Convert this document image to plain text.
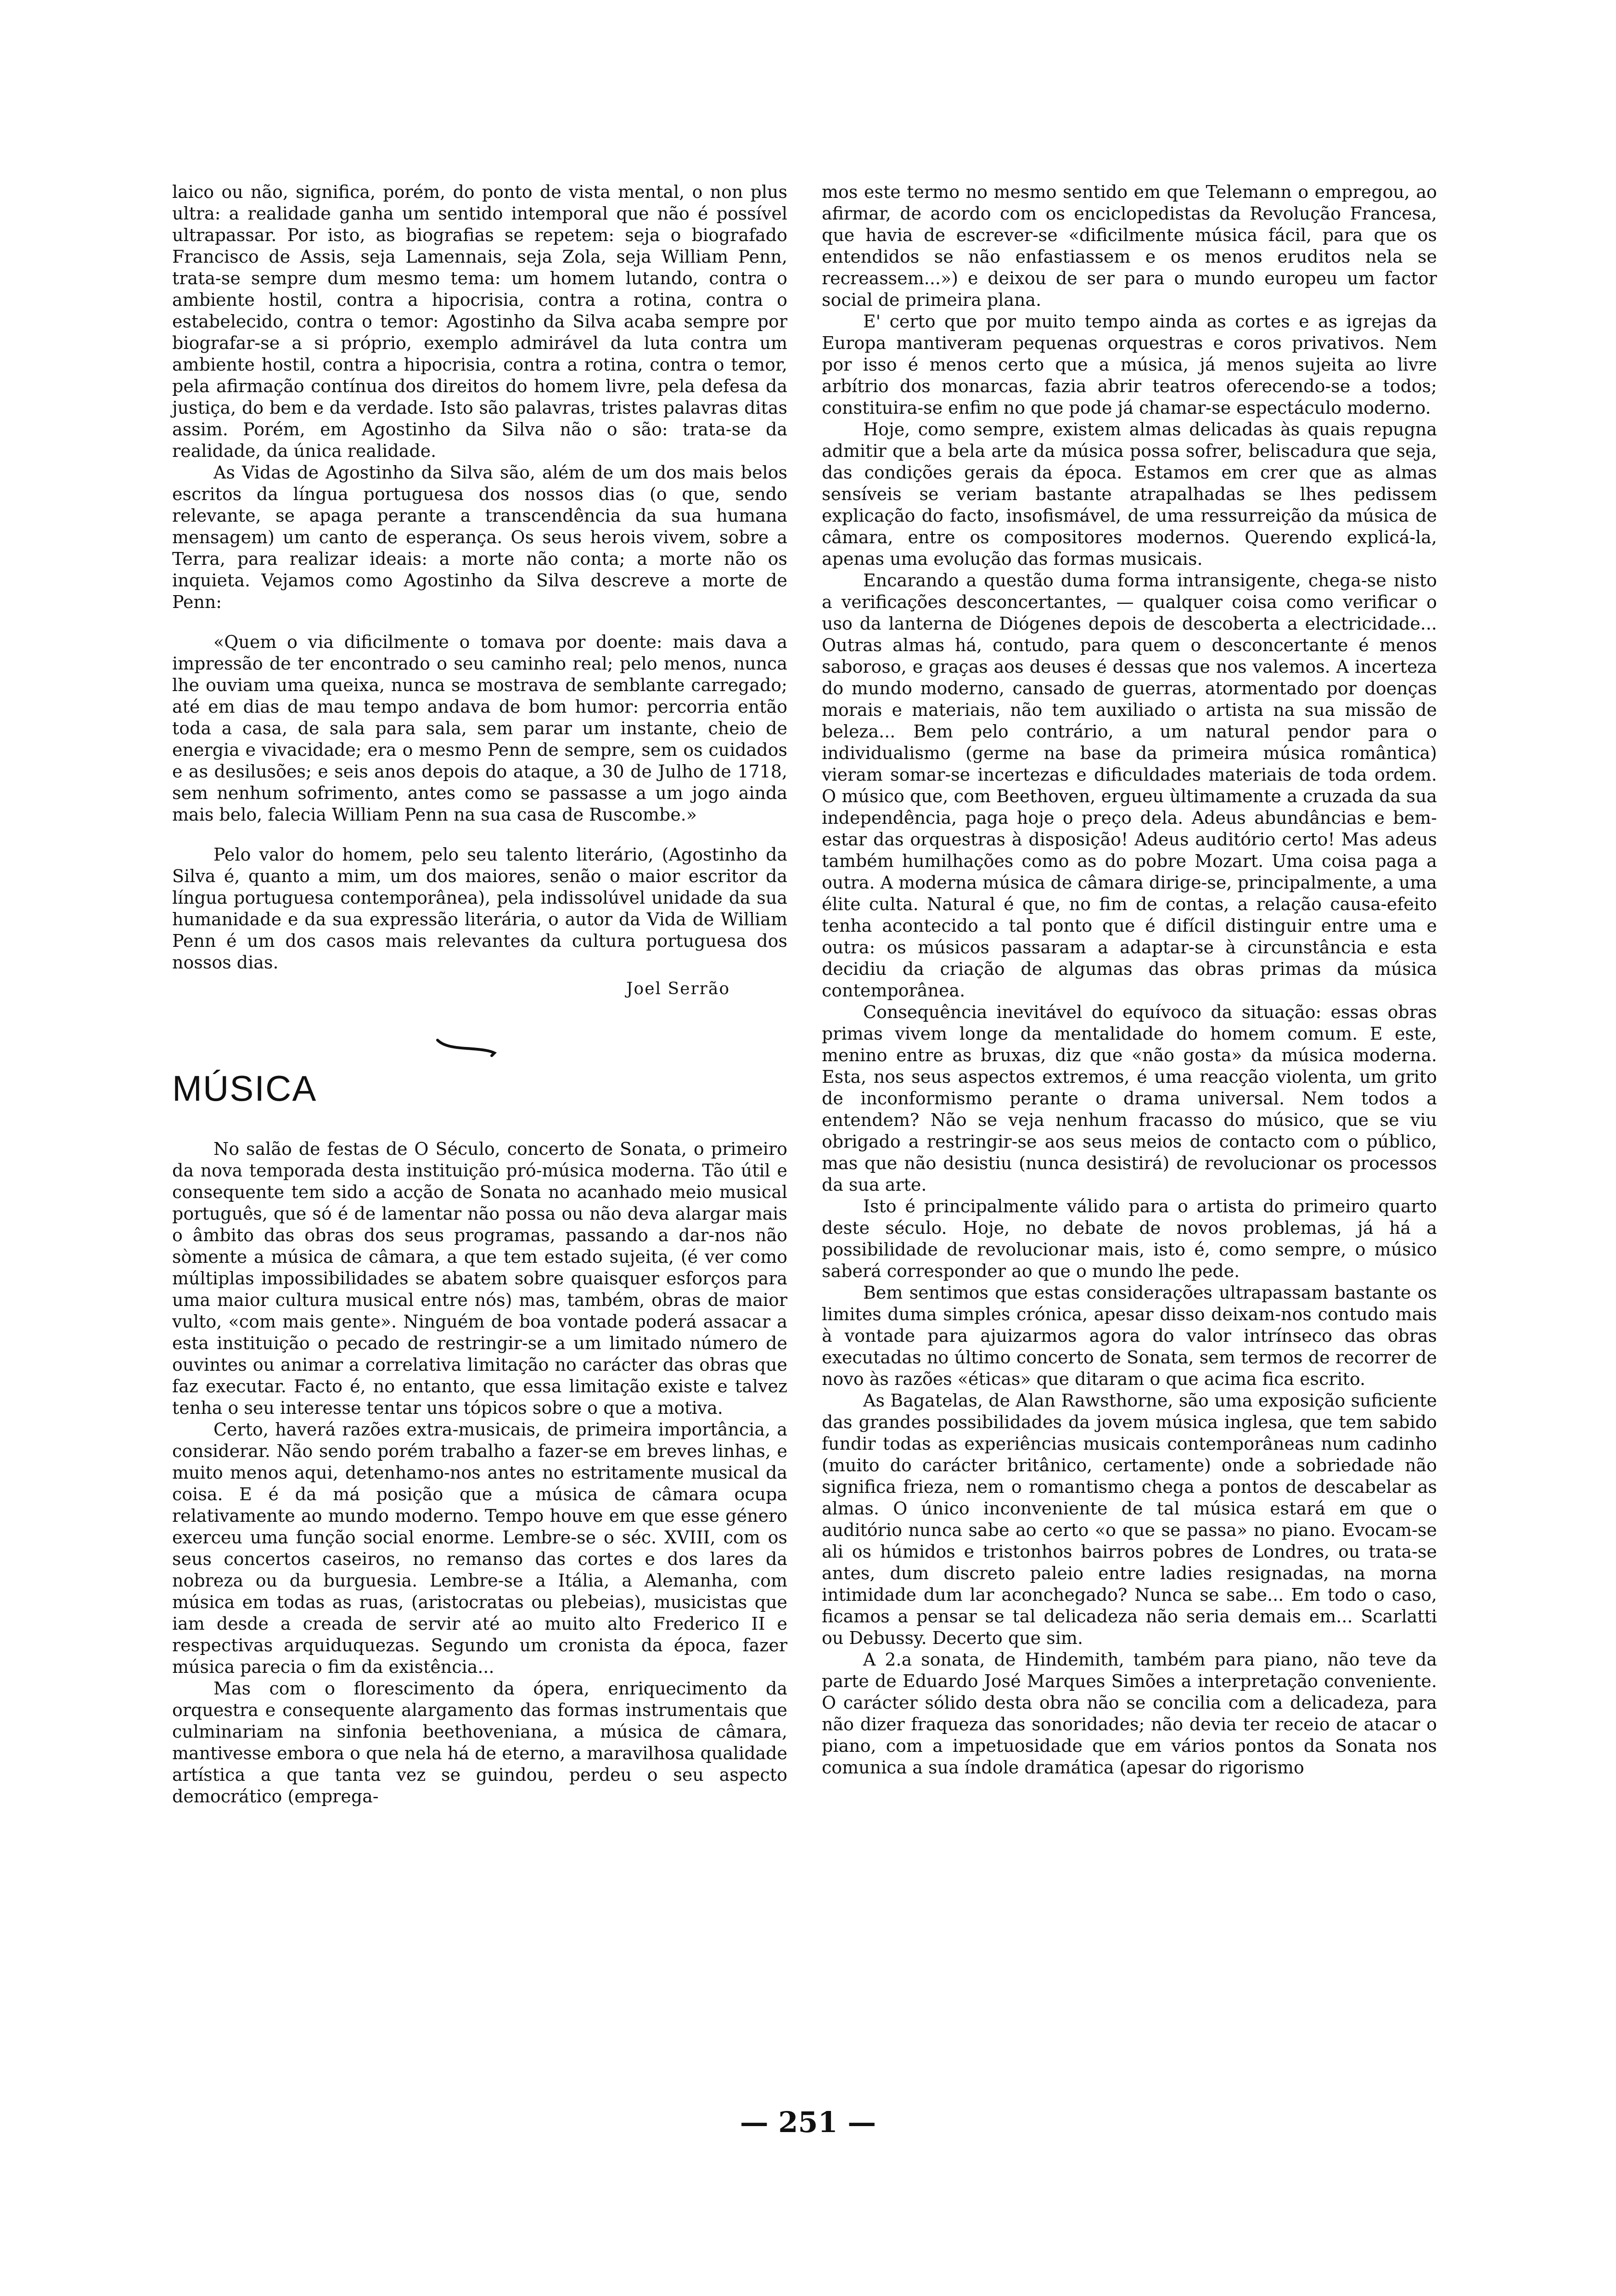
laico ou não, significa, porém, do ponto de vista mental, o non plus ultra: a realidade ganha um sentido intemporal que não é possível ultrapassar. Por isto, as biografias se repetem: seja o biografado Francisco de Assis, seja Lamennais, seja Zola, seja William Penn, trata-se sempre dum mesmo tema: um homem lutando, contra o ambiente hostil, contra a hipocrisia, contra a rotina, contra o estabelecido, contra o temor: Agostinho da Silva acaba sempre por biografar-se a si próprio, exemplo admirável da luta contra um ambiente hostil, contra a hipocrisia, contra a rotina, contra o temor, pela afirmação contínua dos direitos do homem livre, pela defesa da justiça, do bem e da verdade. Isto são palavras, tristes palavras ditas assim. Porém, em Agostinho da Silva não o são: trata-se da realidade, da única realidade.

As Vidas de Agostinho da Silva são, além de um dos mais belos escritos da língua portuguesa dos nossos dias (o que, sendo relevante, se apaga perante a transcendência da sua humana mensagem) um canto de esperança. Os seus herois vivem, sobre a Terra, para realizar ideais: a morte não conta; a morte não os inquieta. Vejamos como Agostinho da Silva descreve a morte de Penn:

«Quem o via dificilmente o tomava por doente: mais dava a impressão de ter encontrado o seu caminho real; pelo menos, nunca lhe ouviam uma queixa, nunca se mostrava de semblante carregado; até em dias de mau tempo andava de bom humor: percorria então toda a casa, de sala para sala, sem parar um instante, cheio de energia e vivacidade; era o mesmo Penn de sempre, sem os cuidados e as desilusões; e seis anos depois do ataque, a 30 de Julho de 1718, sem nenhum sofrimento, antes como se passasse a um jogo ainda mais belo, falecia William Penn na sua casa de Ruscombe.»

Pelo valor do homem, pelo seu talento literário, (Agostinho da Silva é, quanto a mim, um dos maiores, senão o maior escritor da língua portuguesa contemporânea), pela indissolúvel unidade da sua humanidade e da sua expressão literária, o autor da Vida de William Penn é um dos casos mais relevantes da cultura portuguesa dos nossos dias.

Joel Serrão
MÚSICA

No salão de festas de O Século, concerto de Sonata, o primeiro da nova temporada desta instituição pró-música moderna. Tão útil e consequente tem sido a acção de Sonata no acanhado meio musical português, que só é de lamentar não possa ou não deva alargar mais o âmbito das obras dos seus programas, passando a dar-nos não sòmente a música de câmara, a que tem estado sujeita, (é ver como múltiplas impossibilidades se abatem sobre quaisquer esforços para uma maior cultura musical entre nós) mas, também, obras de maior vulto, «com mais gente». Ninguém de boa vontade poderá assacar a esta instituição o pecado de restringir-se a um limitado número de ouvintes ou animar a correlativa limitação no carácter das obras que faz executar. Facto é, no entanto, que essa limitação existe e talvez tenha o seu interesse tentar uns tópicos sobre o que a motiva.

Certo, haverá razões extra-musicais, de primeira importância, a considerar. Não sendo porém trabalho a fazer-se em breves linhas, e muito menos aqui, detenhamo-nos antes no estritamente musical da coisa. E é da má posição que a música de câmara ocupa relativamente ao mundo moderno. Tempo houve em que esse género exerceu uma função social enorme. Lembre-se o séc. XVIII, com os seus concertos caseiros, no remanso das cortes e dos lares da nobreza ou da burguesia. Lembre-se a Itália, a Alemanha, com música em todas as ruas, (aristocratas ou plebeias), musicistas que iam desde a creada de servir até ao muito alto Frederico II e respectivas arquiduquezas. Segundo um cronista da época, fazer música parecia o fim da existência...

Mas com o florescimento da ópera, enriquecimento da orquestra e consequente alargamento das formas instrumentais que culminariam na sinfonia beethoveniana, a música de câmara, mantivesse embora o que nela há de eterno, a maravilhosa qualidade artística a que tanta vez se guindou, perdeu o seu aspecto democrático (emprega-

mos este termo no mesmo sentido em que Telemann o empregou, ao afirmar, de acordo com os enciclopedistas da Revolução Francesa, que havia de escrever-se «dificilmente música fácil, para que os entendidos se não enfastiassem e os menos eruditos nela se recreassem...») e deixou de ser para o mundo europeu um factor social de primeira plana.

E' certo que por muito tempo ainda as cortes e as igrejas da Europa mantiveram pequenas orquestras e coros privativos. Nem por isso é menos certo que a música, já menos sujeita ao livre arbítrio dos monarcas, fazia abrir teatros oferecendo-se a todos; constituira-se enfim no que pode já chamar-se espectáculo moderno.

Hoje, como sempre, existem almas delicadas às quais repugna admitir que a bela arte da música possa sofrer, beliscadura que seja, das condições gerais da época. Estamos em crer que as almas sensíveis se veriam bastante atrapalhadas se lhes pedissem explicação do facto, insofismável, de uma ressurreição da música de câmara, entre os compositores modernos. Querendo explicá-la, apenas uma evolução das formas musicais.

Encarando a questão duma forma intransigente, chega-se nisto a verificações desconcertantes, — qualquer coisa como verificar o uso da lanterna de Diógenes depois de descoberta a electricidade... Outras almas há, contudo, para quem o desconcertante é menos saboroso, e graças aos deuses é dessas que nos valemos. A incerteza do mundo moderno, cansado de guerras, atormentado por doenças morais e materiais, não tem auxiliado o artista na sua missão de beleza... Bem pelo contrário, a um natural pendor para o individualismo (germe na base da primeira música romântica) vieram somar-se incertezas e dificuldades materiais de toda ordem. O músico que, com Beethoven, ergueu ùltimamente a cruzada da sua independência, paga hoje o preço dela. Adeus abundâncias e bem-estar das orquestras à disposição! Adeus auditório certo! Mas adeus também humilhações como as do pobre Mozart. Uma coisa paga a outra. A moderna música de câmara dirige-se, principalmente, a uma élite culta. Natural é que, no fim de contas, a relação causa-efeito tenha acontecido a tal ponto que é difícil distinguir entre uma e outra: os músicos passaram a adaptar-se à circunstância e esta decidiu da criação de algumas das obras primas da música contemporânea.

Consequência inevitável do equívoco da situação: essas obras primas vivem longe da mentalidade do homem comum. E este, menino entre as bruxas, diz que «não gosta» da música moderna. Esta, nos seus aspectos extremos, é uma reacção violenta, um grito de inconformismo perante o drama universal. Nem todos a entendem? Não se veja nenhum fracasso do músico, que se viu obrigado a restringir-se aos seus meios de contacto com o público, mas que não desistiu (nunca desistirá) de revolucionar os processos da sua arte.

Isto é principalmente válido para o artista do primeiro quarto deste século. Hoje, no debate de novos problemas, já há a possibilidade de revolucionar mais, isto é, como sempre, o músico saberá corresponder ao que o mundo lhe pede.

Bem sentimos que estas considerações ultrapassam bastante os limites duma simples crónica, apesar disso deixam-nos contudo mais à vontade para ajuizarmos agora do valor intrínseco das obras executadas no último concerto de Sonata, sem termos de recorrer de novo às razões «éticas» que ditaram o que acima fica escrito.

As Bagatelas, de Alan Rawsthorne, são uma exposição suficiente das grandes possibilidades da jovem música inglesa, que tem sabido fundir todas as experiências musicais contemporâneas num cadinho (muito do carácter britânico, certamente) onde a sobriedade não significa frieza, nem o romantismo chega a pontos de descabelar as almas. O único inconveniente de tal música estará em que o auditório nunca sabe ao certo «o que se passa» no piano. Evocam-se ali os húmidos e tristonhos bairros pobres de Londres, ou trata-se antes, dum discreto paleio entre ladies resignadas, na morna intimidade dum lar aconchegado? Nunca se sabe... Em todo o caso, ficamos a pensar se tal delicadeza não seria demais em... Scarlatti ou Debussy. Decerto que sim.

A 2.a sonata, de Hindemith, também para piano, não teve da parte de Eduardo José Marques Simões a interpretação conveniente. O carácter sólido desta obra não se concilia com a delicadeza, para não dizer fraqueza das sonoridades; não devia ter receio de atacar o piano, com a impetuosidade que em vários pontos da Sonata nos comunica a sua índole dramática (apesar do rigorismo

— 251 —
